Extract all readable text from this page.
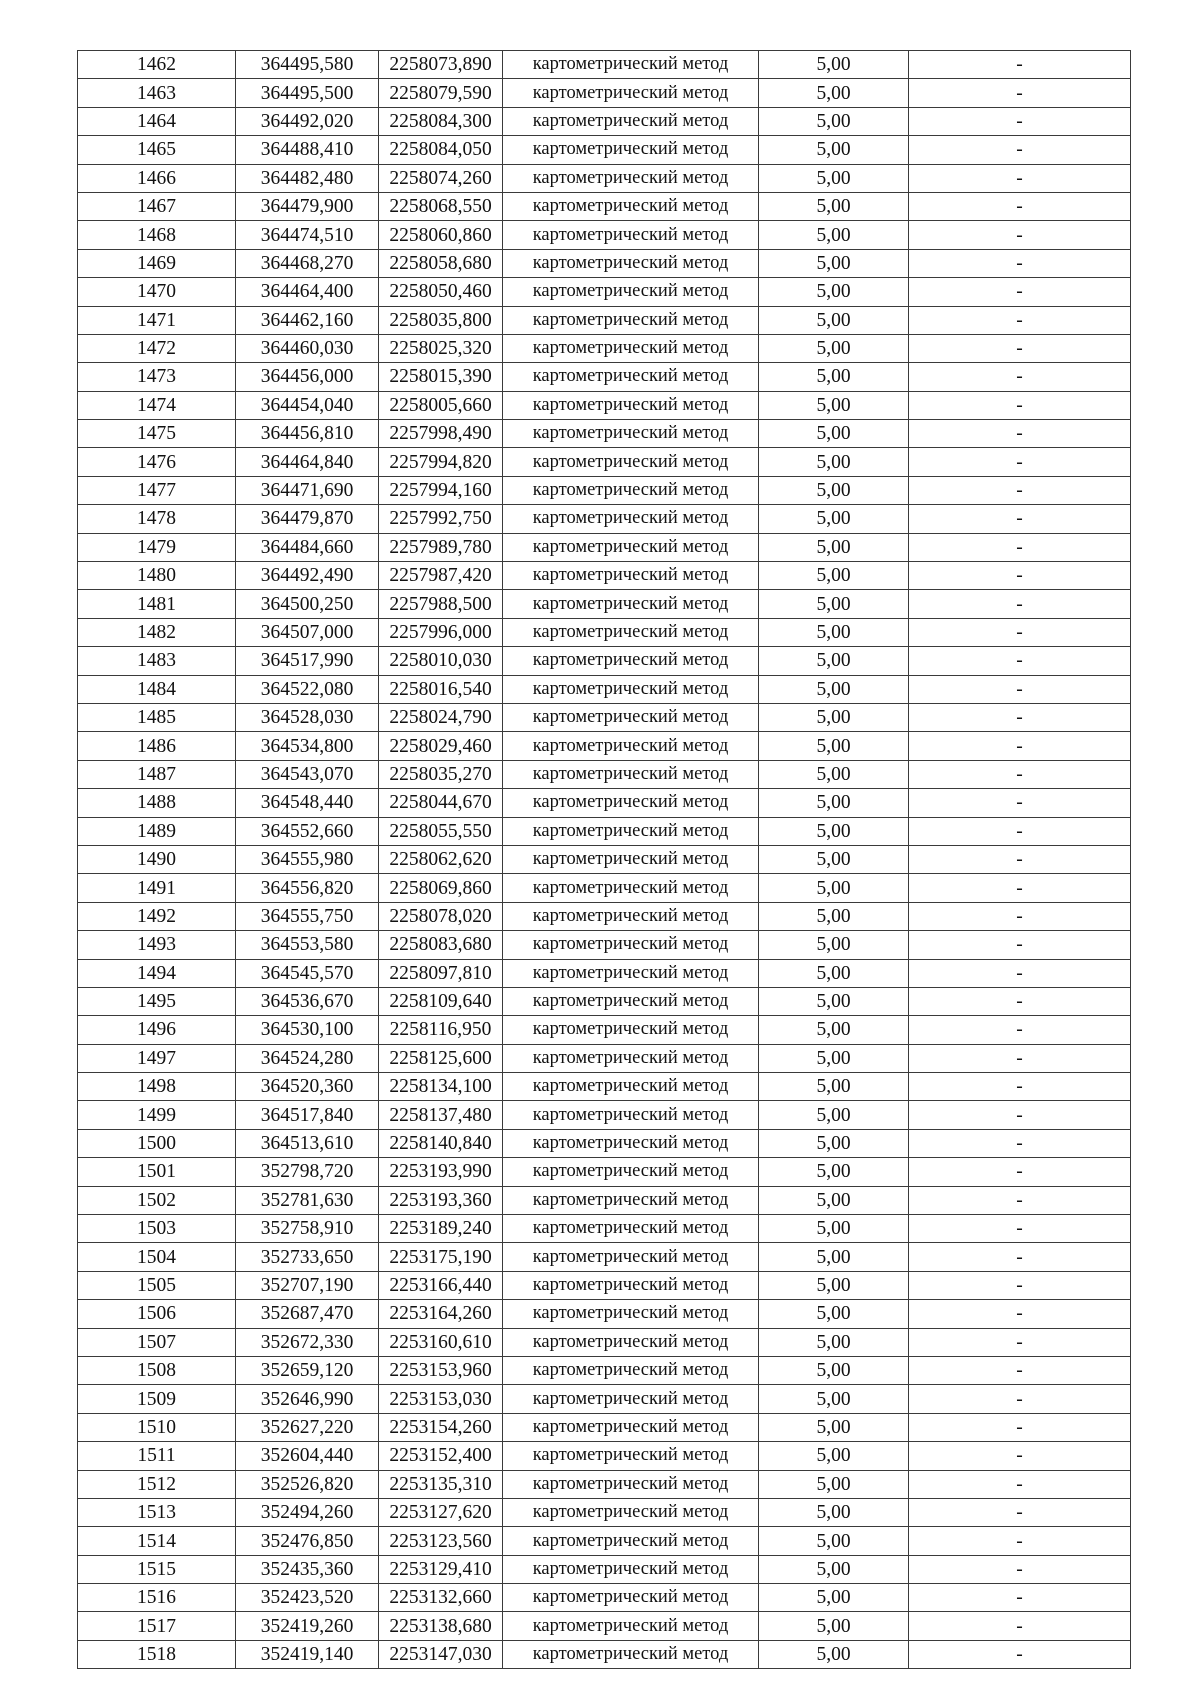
1462	364495,580	2258073,890	картометрический метод	5,00	-
1463	364495,500	2258079,590	картометрический метод	5,00	-
1464	364492,020	2258084,300	картометрический метод	5,00	-
1465	364488,410	2258084,050	картометрический метод	5,00	-
1466	364482,480	2258074,260	картометрический метод	5,00	-
1467	364479,900	2258068,550	картометрический метод	5,00	-
1468	364474,510	2258060,860	картометрический метод	5,00	-
1469	364468,270	2258058,680	картометрический метод	5,00	-
1470	364464,400	2258050,460	картометрический метод	5,00	-
1471	364462,160	2258035,800	картометрический метод	5,00	-
1472	364460,030	2258025,320	картометрический метод	5,00	-
1473	364456,000	2258015,390	картометрический метод	5,00	-
1474	364454,040	2258005,660	картометрический метод	5,00	-
1475	364456,810	2257998,490	картометрический метод	5,00	-
1476	364464,840	2257994,820	картометрический метод	5,00	-
1477	364471,690	2257994,160	картометрический метод	5,00	-
1478	364479,870	2257992,750	картометрический метод	5,00	-
1479	364484,660	2257989,780	картометрический метод	5,00	-
1480	364492,490	2257987,420	картометрический метод	5,00	-
1481	364500,250	2257988,500	картометрический метод	5,00	-
1482	364507,000	2257996,000	картометрический метод	5,00	-
1483	364517,990	2258010,030	картометрический метод	5,00	-
1484	364522,080	2258016,540	картометрический метод	5,00	-
1485	364528,030	2258024,790	картометрический метод	5,00	-
1486	364534,800	2258029,460	картометрический метод	5,00	-
1487	364543,070	2258035,270	картометрический метод	5,00	-
1488	364548,440	2258044,670	картометрический метод	5,00	-
1489	364552,660	2258055,550	картометрический метод	5,00	-
1490	364555,980	2258062,620	картометрический метод	5,00	-
1491	364556,820	2258069,860	картометрический метод	5,00	-
1492	364555,750	2258078,020	картометрический метод	5,00	-
1493	364553,580	2258083,680	картометрический метод	5,00	-
1494	364545,570	2258097,810	картометрический метод	5,00	-
1495	364536,670	2258109,640	картометрический метод	5,00	-
1496	364530,100	2258116,950	картометрический метод	5,00	-
1497	364524,280	2258125,600	картометрический метод	5,00	-
1498	364520,360	2258134,100	картометрический метод	5,00	-
1499	364517,840	2258137,480	картометрический метод	5,00	-
1500	364513,610	2258140,840	картометрический метод	5,00	-
1501	352798,720	2253193,990	картометрический метод	5,00	-
1502	352781,630	2253193,360	картометрический метод	5,00	-
1503	352758,910	2253189,240	картометрический метод	5,00	-
1504	352733,650	2253175,190	картометрический метод	5,00	-
1505	352707,190	2253166,440	картометрический метод	5,00	-
1506	352687,470	2253164,260	картометрический метод	5,00	-
1507	352672,330	2253160,610	картометрический метод	5,00	-
1508	352659,120	2253153,960	картометрический метод	5,00	-
1509	352646,990	2253153,030	картометрический метод	5,00	-
1510	352627,220	2253154,260	картометрический метод	5,00	-
1511	352604,440	2253152,400	картометрический метод	5,00	-
1512	352526,820	2253135,310	картометрический метод	5,00	-
1513	352494,260	2253127,620	картометрический метод	5,00	-
1514	352476,850	2253123,560	картометрический метод	5,00	-
1515	352435,360	2253129,410	картометрический метод	5,00	-
1516	352423,520	2253132,660	картометрический метод	5,00	-
1517	352419,260	2253138,680	картометрический метод	5,00	-
1518	352419,140	2253147,030	картометрический метод	5,00	-
